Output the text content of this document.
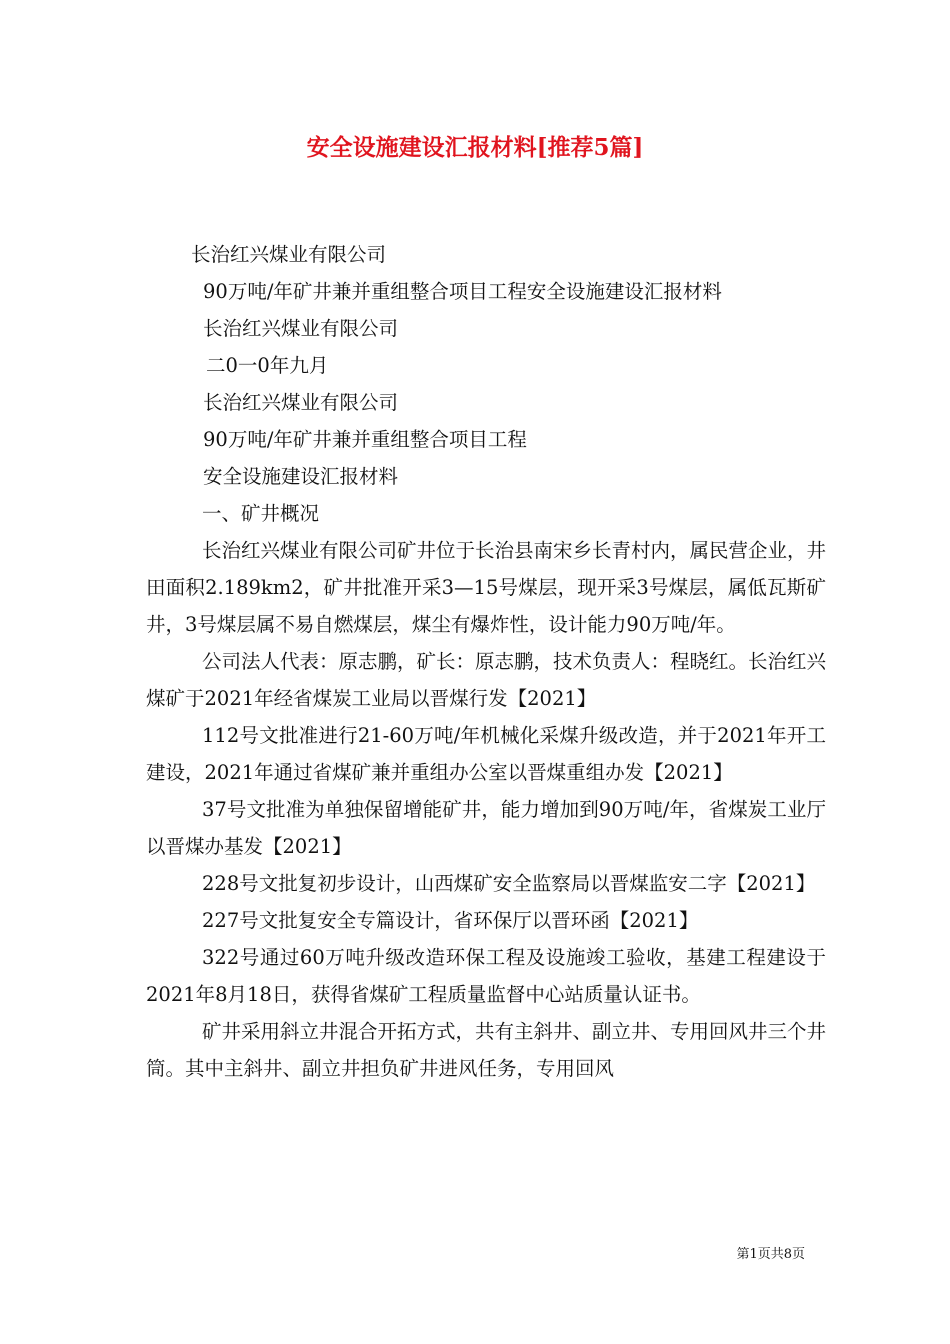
安全设施建设汇报材料[推荐5篇]
长治红兴煤业有限公司
90万吨/年矿井兼并重组整合项目工程安全设施建设汇报材料
长治红兴煤业有限公司
二0一0年九月
长治红兴煤业有限公司
90万吨/年矿井兼并重组整合项目工程
安全设施建设汇报材料
一、矿井概况
长治红兴煤业有限公司矿井位于长治县南宋乡长青村内，属民营企业，井田面积2.189km2，矿井批准开采3—15号煤层，现开采3号煤层，属低瓦斯矿井，3号煤层属不易自燃煤层，煤尘有爆炸性，设计能力90万吨/年。
公司法人代表：原志鹏，矿长：原志鹏，技术负责人：程晓红。长治红兴煤矿于2021年经省煤炭工业局以晋煤行发【2021】
112号文批准进行21-60万吨/年机械化采煤升级改造，并于2021年开工建设，2021年通过省煤矿兼并重组办公室以晋煤重组办发【2021】
37号文批准为单独保留增能矿井，能力增加到90万吨/年，省煤炭工业厅以晋煤办基发【2021】
228号文批复初步设计，山西煤矿安全监察局以晋煤监安二字【2021】
227号文批复安全专篇设计，省环保厅以晋环函【2021】
322号通过60万吨升级改造环保工程及设施竣工验收，基建工程建设于2021年8月18日，获得省煤矿工程质量监督中心站质量认证书。
矿井采用斜立井混合开拓方式，共有主斜井、副立井、专用回风井三个井筒。其中主斜井、副立井担负矿井进风任务，专用回风
第1页共8页
